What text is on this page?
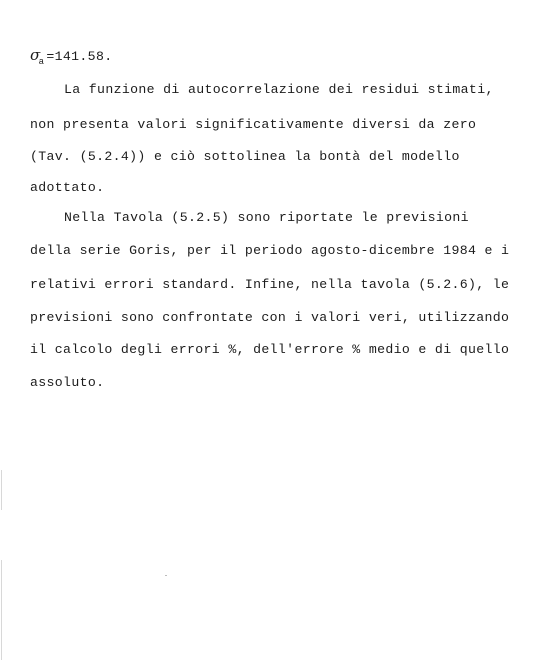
$\sigma_a =141.58$.
La funzione di autocorrelazione dei residui stimati,
non presenta valori significativamente diversi da zero
(Tav. (5.2.4)) e ciò sottolinea la bontà del modello
adottato.
Nella Tavola (5.2.5) sono riportate le previsioni
della serie Goris, per il periodo agosto-dicembre 1984 e i
relativi errori standard. Infine, nella tavola (5.2.6), le
previsioni sono confrontate con i valori veri, utilizzando
il calcolo degli errori %, dell'errore % medio e di quello
assoluto.
